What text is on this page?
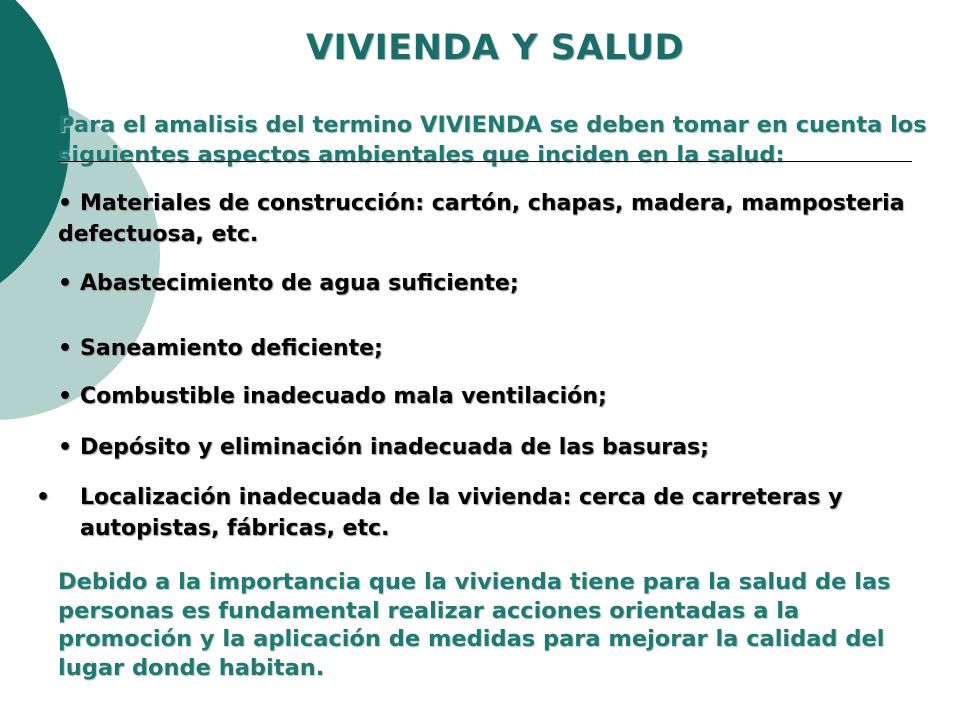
VIVIENDA Y SALUD
Para el amalisis del termino VIVIENDA se deben tomar en cuenta los siguientes aspectos ambientales que inciden en la salud:
• Materiales de construcción: cartón, chapas, madera, mamposteria defectuosa, etc.
• Abastecimiento de agua suficiente;
• Saneamiento deficiente;
• Combustible inadecuado mala ventilación;
• Depósito y eliminación inadecuada de las basuras;
• Localización inadecuada de la vivienda: cerca de carreteras y autopistas, fábricas, etc.
Debido a la importancia que la vivienda tiene para la salud de las personas es fundamental realizar acciones orientadas a la promoción y la aplicación de medidas para mejorar la calidad del lugar donde habitan.
